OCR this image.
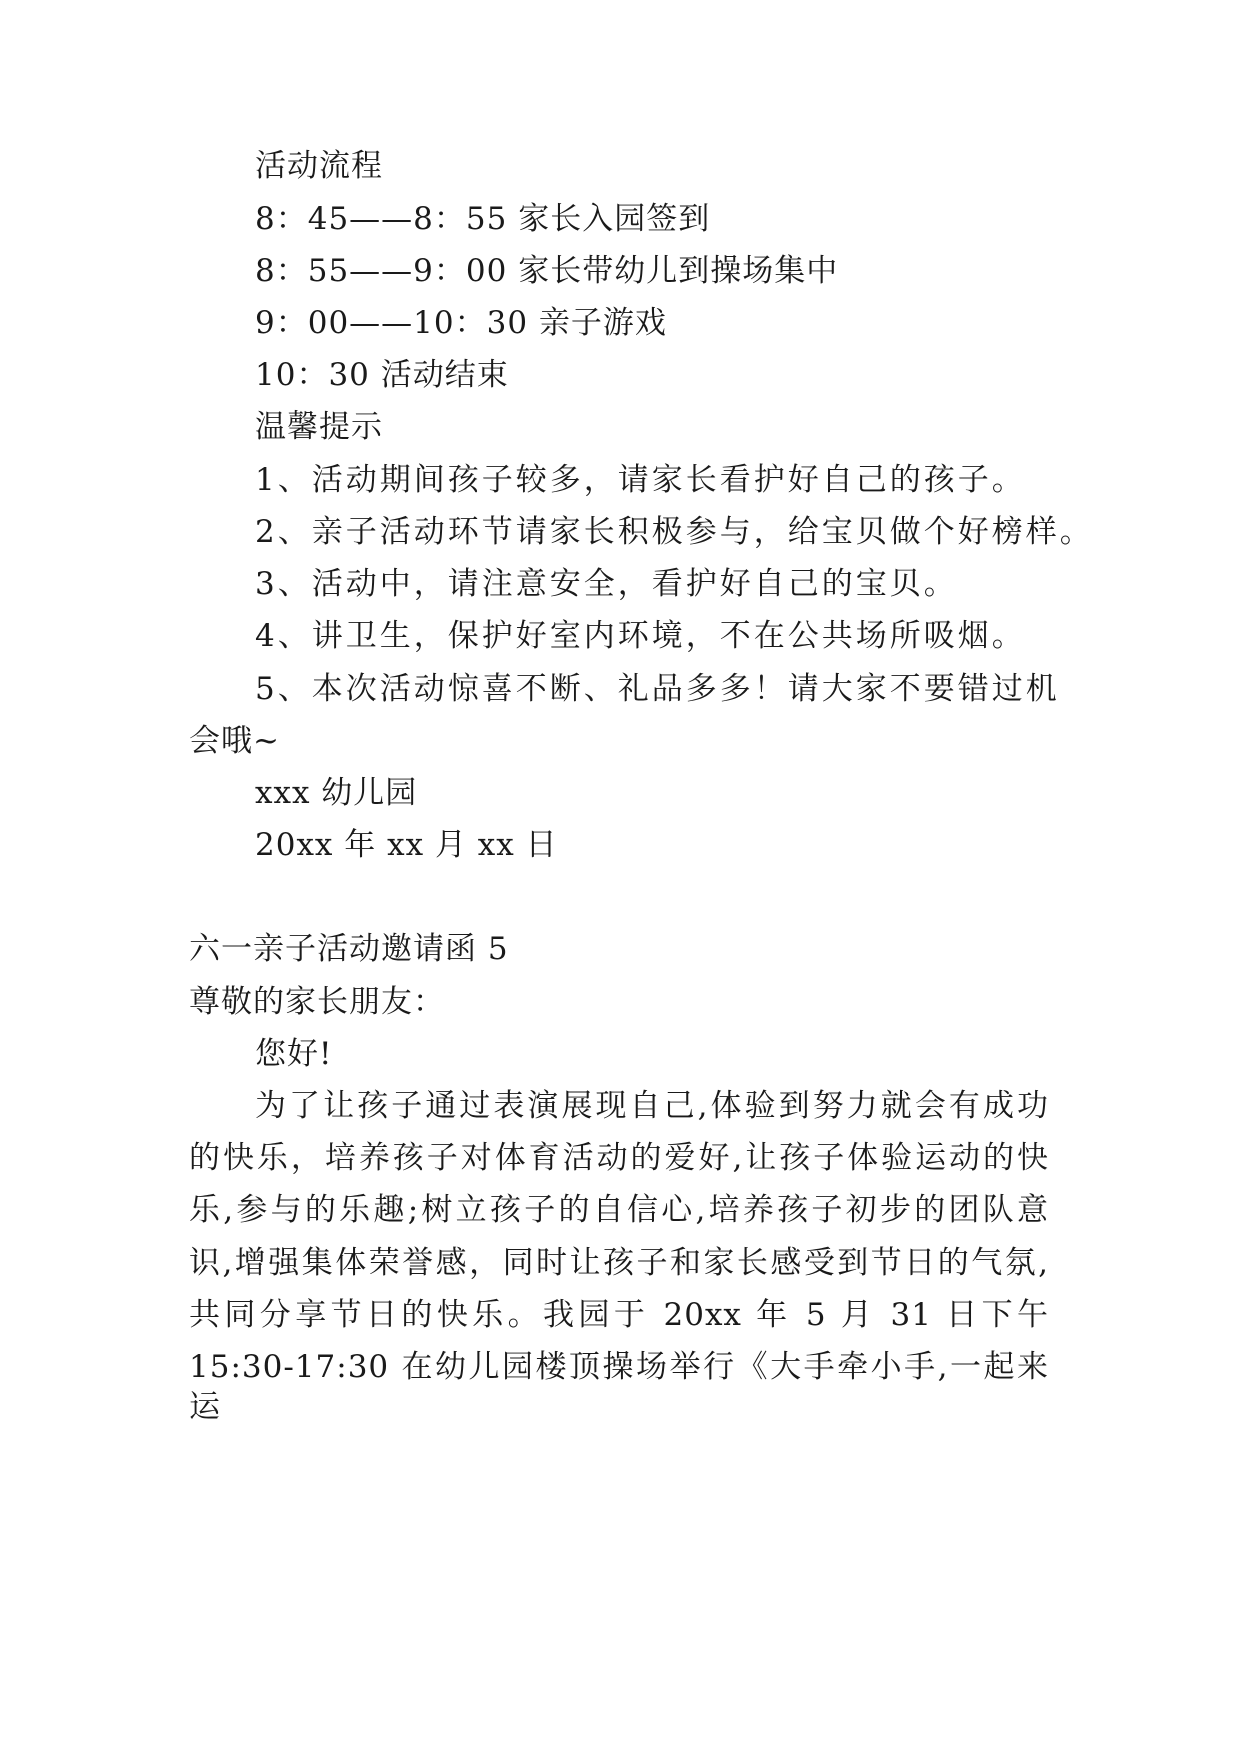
活动流程
8：45——8：55 家长入园签到
8：55——9：00 家长带幼儿到操场集中
9：00——10：30 亲子游戏
10：30 活动结束
温馨提示
1、活动期间孩子较多，请家长看护好自己的孩子。
2、亲子活动环节请家长积极参与，给宝贝做个好榜样。
3、活动中，请注意安全，看护好自己的宝贝。
4、讲卫生，保护好室内环境，不在公共场所吸烟。
5、本次活动惊喜不断、礼品多多！请大家不要错过机
会哦~
xxx 幼儿园
20xx 年 xx 月 xx 日
六一亲子活动邀请函 5
尊敬的家长朋友：
您好!
为了让孩子通过表演展现自己,体验到努力就会有成功
的快乐，培养孩子对体育活动的爱好,让孩子体验运动的快
乐,参与的乐趣;树立孩子的自信心,培养孩子初步的团队意
识,增强集体荣誉感，同时让孩子和家长感受到节日的气氛,
共同分享节日的快乐。我园于 20xx 年 5 月 31 日下午
15:30-17:30 在幼儿园楼顶操场举行《大手牵小手,一起来运
